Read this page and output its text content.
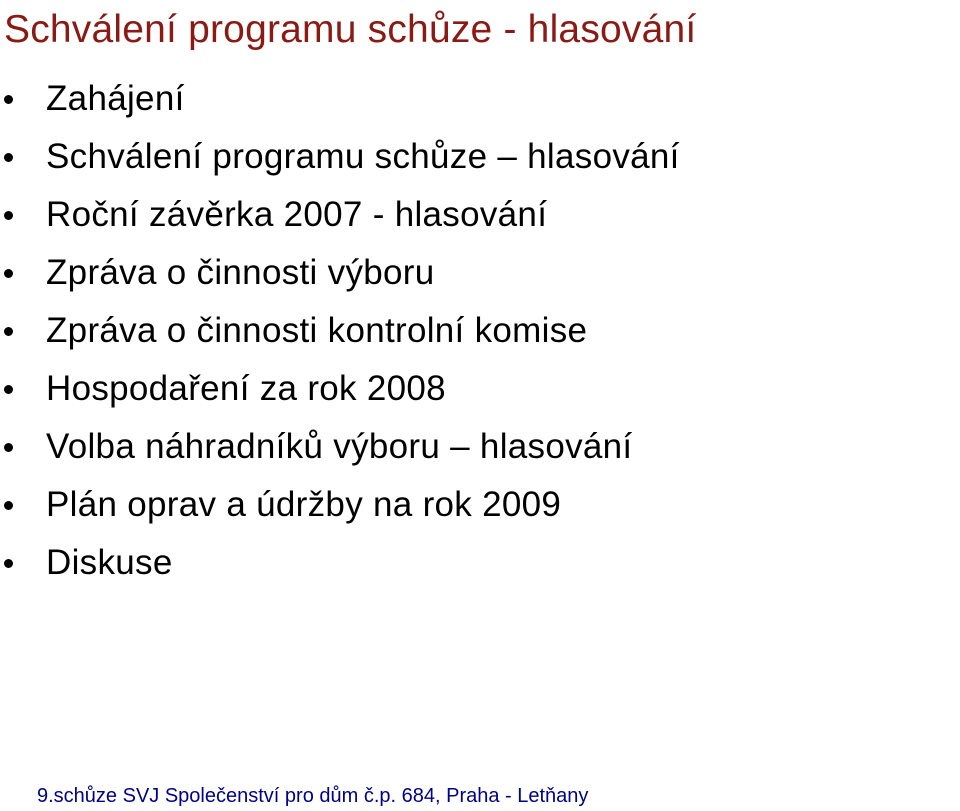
Schválení programu schůze - hlasování
Zahájení
Schválení programu schůze – hlasování
Roční závěrka 2007 - hlasování
Zpráva o činnosti výboru
Zpráva o činnosti kontrolní komise
Hospodaření za rok 2008
Volba náhradníků výboru – hlasování
Plán oprav a údržby na rok 2009
Diskuse
9.schůze SVJ Společenství pro dům č.p. 684, Praha - Letňany
